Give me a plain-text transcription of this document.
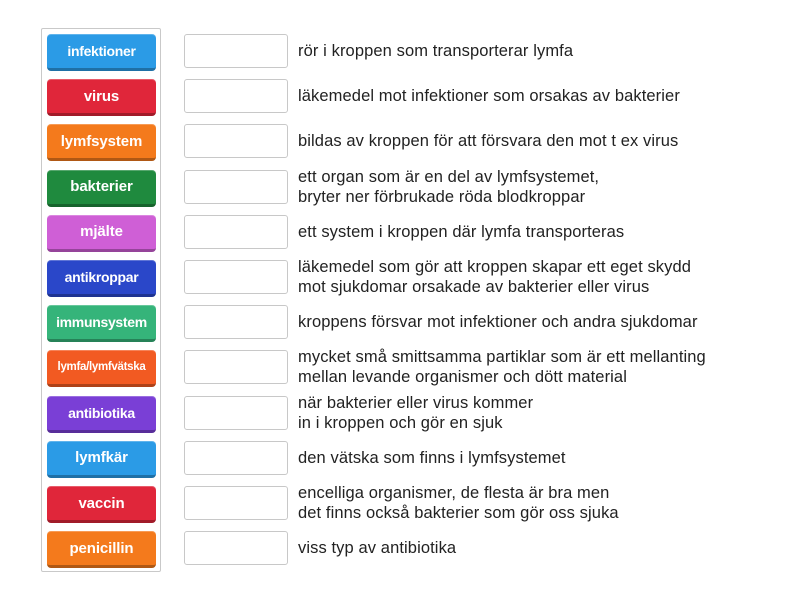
infektioner
virus
lymfsystem
bakterier
mjälte
antikroppar
immunsystem
lymfa/lymfvätska
antibiotika
lymfkär
vaccin
penicillin
rör i kroppen som transporterar lymfa
läkemedel mot infektioner som orsakas av bakterier
bildas av kroppen för att försvara den mot t ex virus
ett organ som är en del av lymfsystemet,
bryter ner förbrukade röda blodkroppar
ett system i kroppen där lymfa transporteras
läkemedel som gör att kroppen skapar ett eget skydd
mot sjukdomar orsakade av bakterier eller virus
kroppens försvar mot infektioner och andra sjukdomar
mycket små smittsamma partiklar som är ett mellanting
mellan levande organismer och dött material
när bakterier eller virus kommer
in i kroppen och gör en sjuk
den vätska som finns i lymfsystemet
encelliga organismer, de flesta är bra men
det finns också bakterier som gör oss sjuka
viss typ av antibiotika
